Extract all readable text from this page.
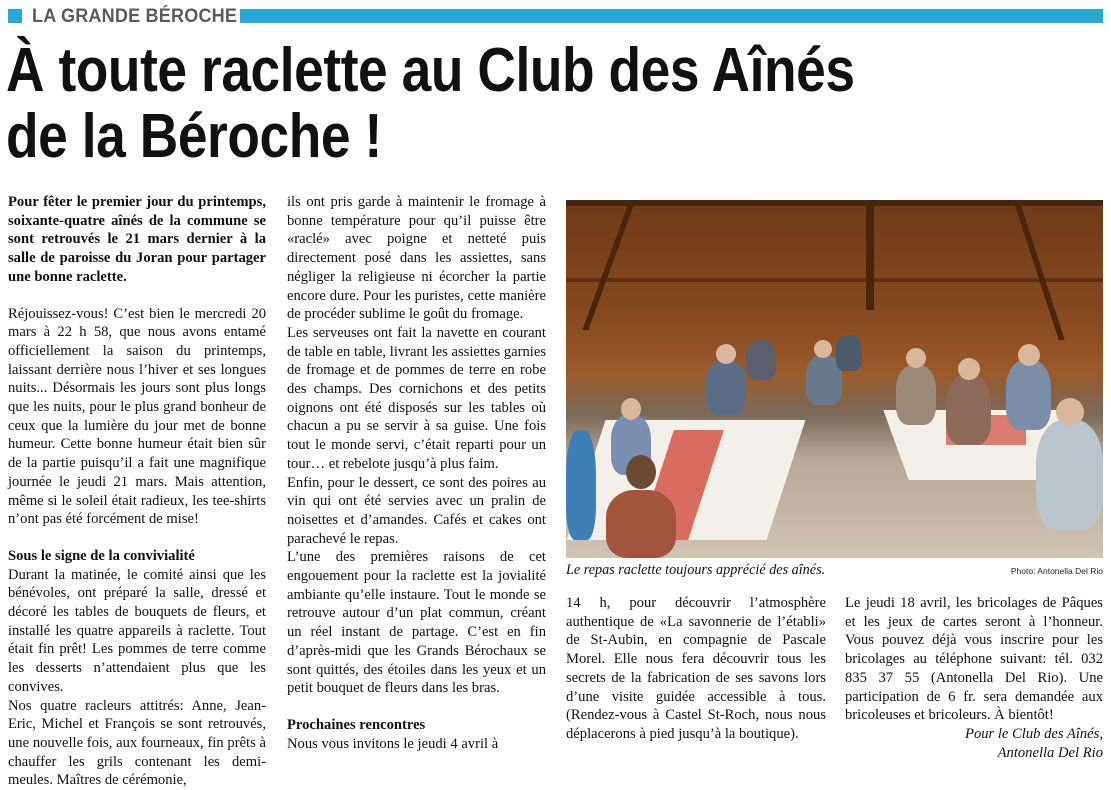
LA GRANDE BÉROCHE
À toute raclette au Club des Aînés
de la Béroche !

Pour fêter le premier jour du printemps, soixante-quatre aînés de la commune se sont retrouvés le 21 mars dernier à la salle de paroisse du Joran pour partager une bonne raclette.

Réjouissez-vous! C’est bien le mercredi 20 mars à 22 h 58, que nous avons entamé officiellement la saison du printemps, laissant derrière nous l’hiver et ses longues nuits... Désormais les jours sont plus longs que les nuits, pour le plus grand bonheur de ceux que la lumière du jour met de bonne humeur. Cette bonne humeur était bien sûr de la partie puisqu’il a fait une magnifique journée le jeudi 21 mars. Mais attention, même si le soleil était radieux, les tee-shirts n’ont pas été forcément de mise!

Sous le signe de la convivialité

Durant la matinée, le comité ainsi que les bénévoles, ont préparé la salle, dressé et décoré les tables de bouquets de fleurs, et installé les quatre appareils à raclette. Tout était fin prêt! Les pommes de terre comme les desserts n’attendaient plus que les convives.

Nos quatre racleurs attitrés: Anne, Jean-Eric, Michel et François se sont retrouvés, une nouvelle fois, aux fourneaux, fin prêts à chauffer les grils contenant les demi-meules. Maîtres de cérémonie,

ils ont pris garde à maintenir le fromage à bonne température pour qu’il puisse être «raclé» avec poigne et netteté puis directement posé dans les assiettes, sans négliger la religieuse ni écorcher la partie encore dure. Pour les puristes, cette manière de procéder sublime le goût du fromage.

Les serveuses ont fait la navette en courant de table en table, livrant les assiettes garnies de fromage et de pommes de terre en robe des champs. Des cornichons et des petits oignons ont été disposés sur les tables où chacun a pu se servir à sa guise. Une fois tout le monde servi, c’était reparti pour un tour… et rebelote jusqu’à plus faim.

Enfin, pour le dessert, ce sont des poires au vin qui ont été servies avec un pralin de noisettes et d’amandes. Cafés et cakes ont parachevé le repas.

L’une des premières raisons de cet engouement pour la raclette est la jovialité ambiante qu’elle instaure. Tout le monde se retrouve autour d’un plat commun, créant un réel instant de partage. C’est en fin d’après-midi que les Grands Bérochaux se sont quittés, des étoiles dans les yeux et un petit bouquet de fleurs dans les bras.

Prochaines rencontres

Nous vous invitons le jeudi 4 avril à

Le repas raclette toujours apprécié des aînés.	Photo: Antonella Del Rio

14 h, pour découvrir l’atmosphère authentique de «La savonnerie de l’établi» de St-Aubin, en compagnie de Pascale Morel. Elle nous fera découvrir tous les secrets de la fabrication de ses savons lors d’une visite guidée accessible à tous. (Rendez-vous à Castel St-Roch, nous nous déplacerons à pied jusqu’à la boutique).

Le jeudi 18 avril, les bricolages de Pâques et les jeux de cartes seront à l’honneur. Vous pouvez déjà vous inscrire pour les bricolages au téléphone suivant: tél. 032 835 37 55 (Antonella Del Rio). Une participation de 6 fr. sera demandée aux bricoleuses et bricoleurs. À bientôt!

Pour le Club des Aînés,

Antonella Del Rio
